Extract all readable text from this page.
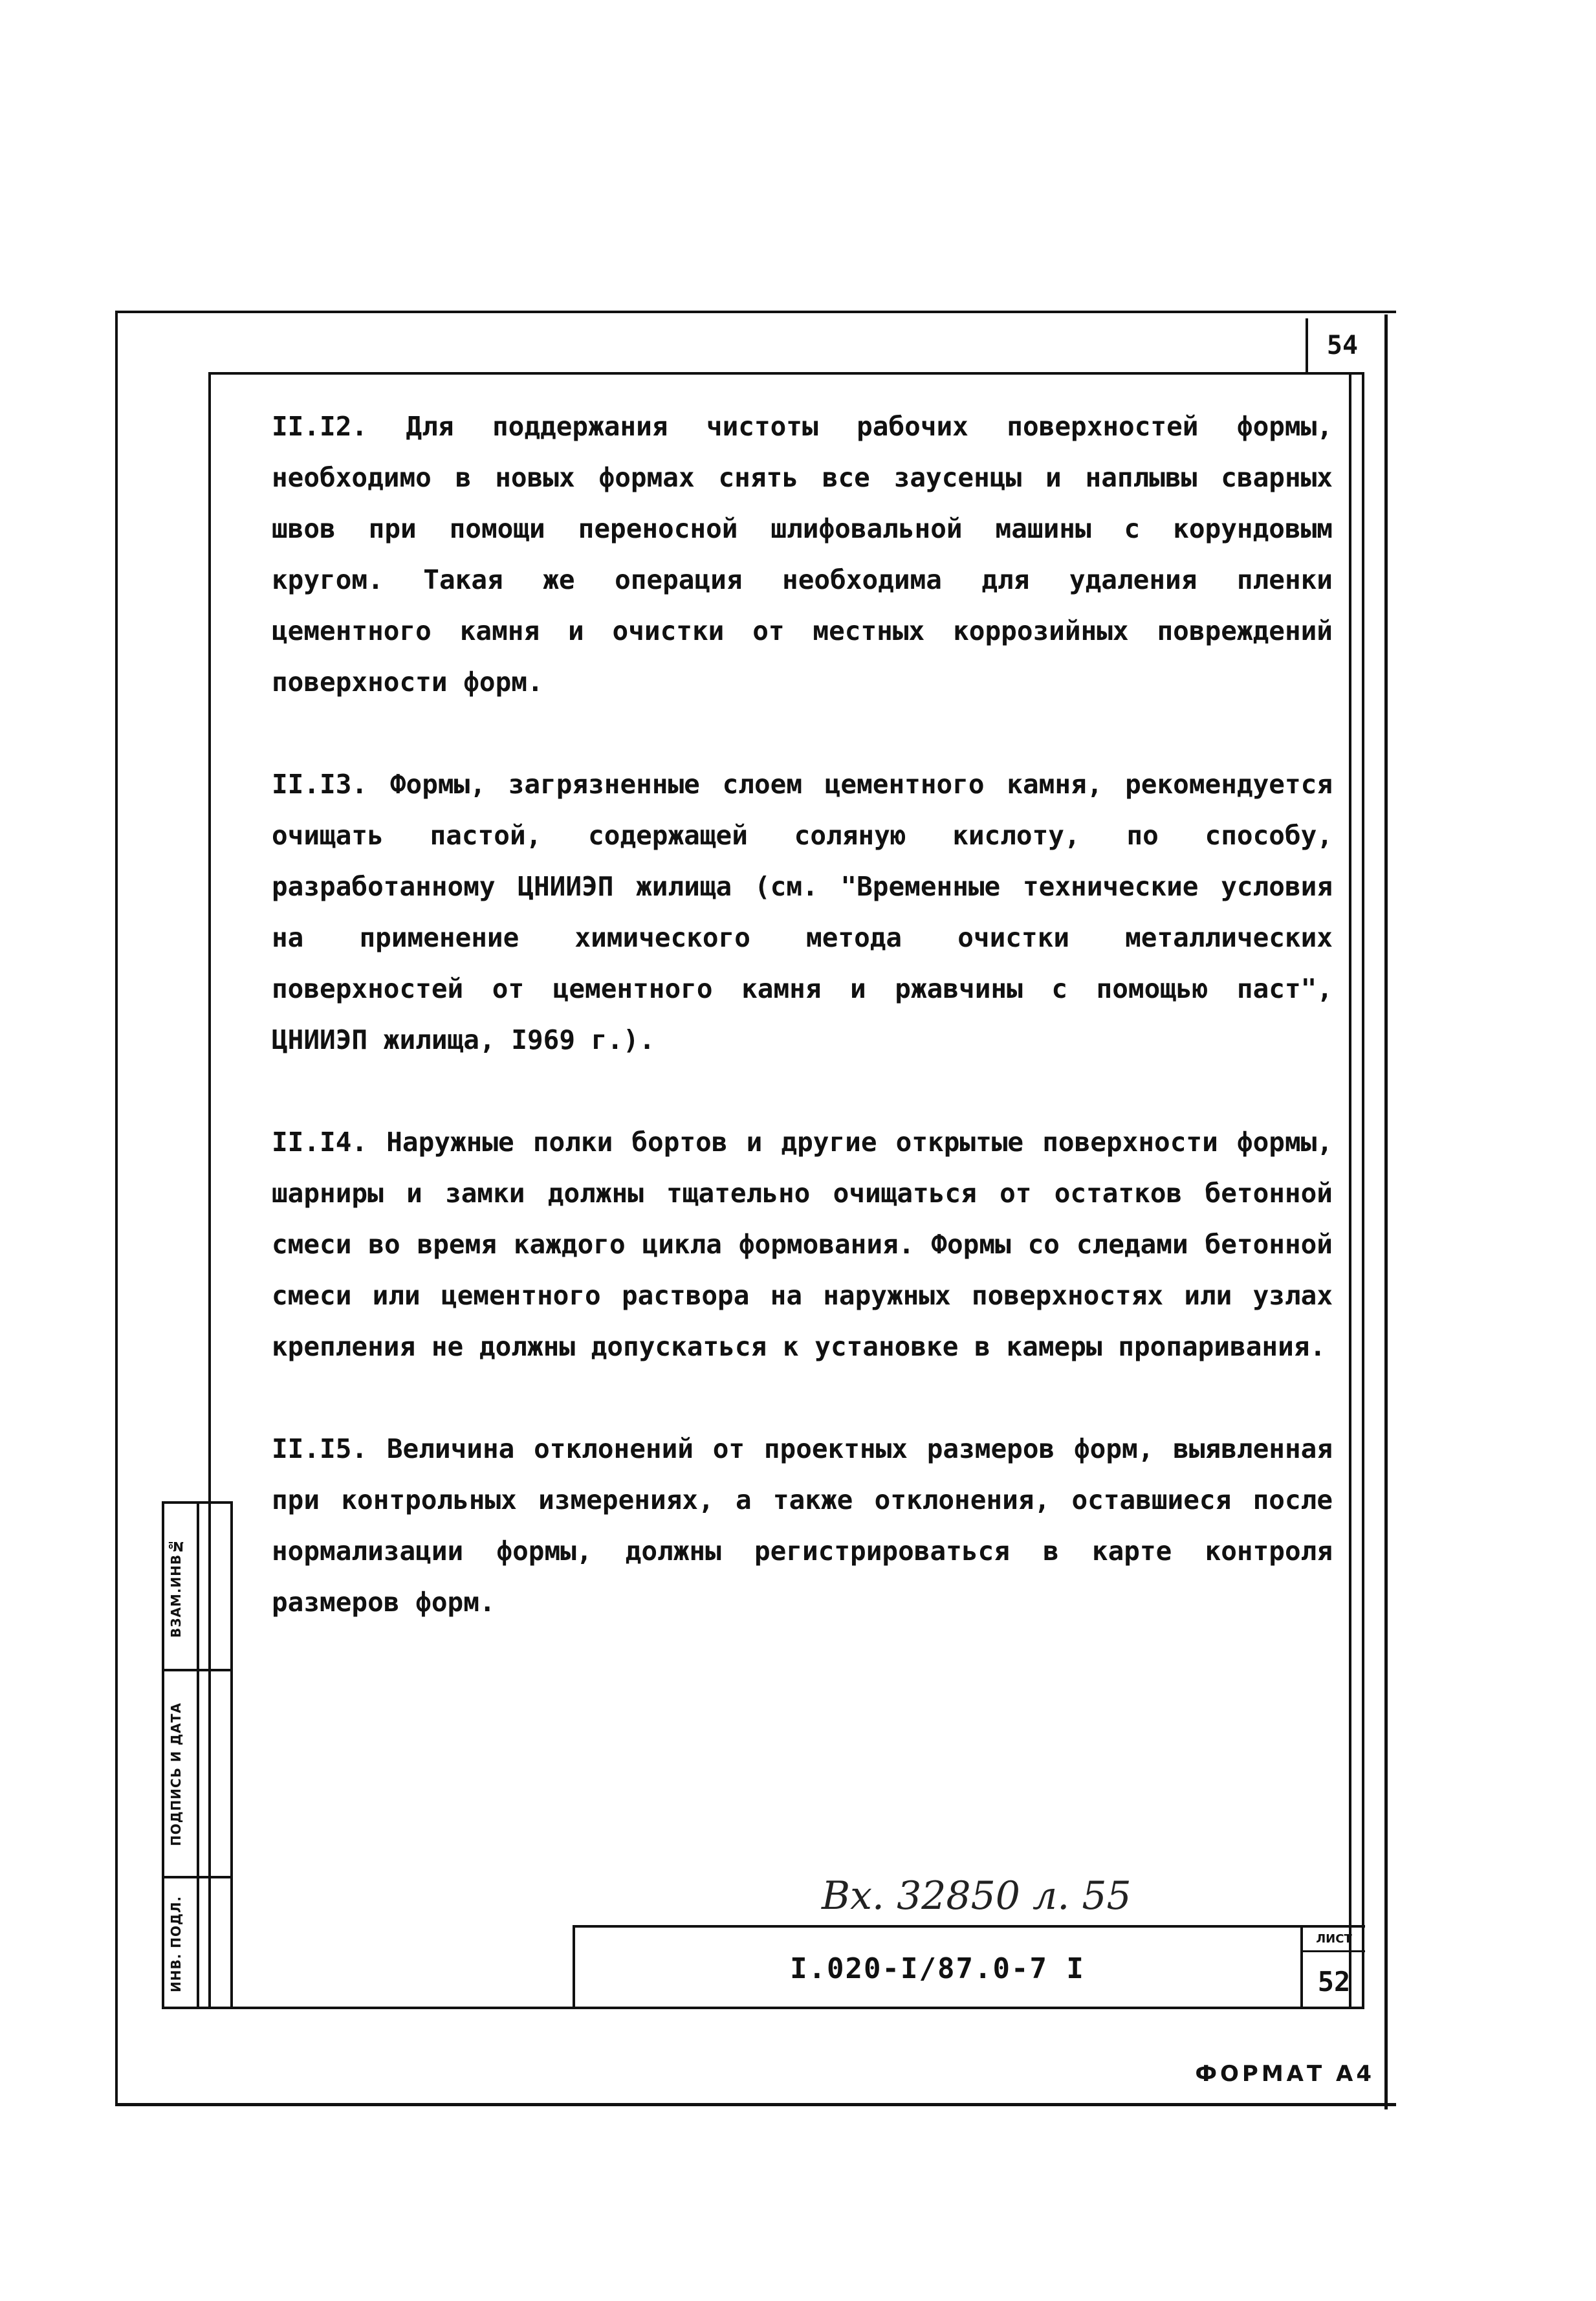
54

II.I2. Для поддержания чистоты рабочих поверхностей формы, необходимо в новых формах снять все заусенцы и наплывы сварных швов при помощи переносной шлифовальной машины с корундовым кругом. Такая же операция необходима для удаления пленки цементного камня и очистки от местных коррозийных повреждений поверхности форм.

II.I3. Формы, загрязненные слоем цементного камня, рекомендуется очищать пастой, содержащей соляную кислоту, по способу, разработанному ЦНИИЭП жилища (см. "Временные технические условия на применение химического метода очистки металлических поверхностей от цементного камня и ржавчины с помощью паст", ЦНИИЭП жилища, I969 г.).

II.I4. Наружные полки бортов и другие открытые поверхности формы, шарниры и замки должны тщательно очищаться от остатков бетонной смеси во время каждого цикла формования. Формы со следами бетонной смеси или цементного раствора на наружных поверхностях или узлах крепления не должны допускаться к установке в камеры пропаривания.

II.I5. Величина отклонений от проектных размеров форм, выявленная при контрольных измерениях, а также отклонения, оставшиеся после нормализации формы, должны регистрироваться в карте контроля размеров форм.

ВЗАМ.ИНВ№
ПОДПИСЬ И ДАТА
ИНВ. ПОДЛ.	Вх. 32850 л. 55
I.020-I/87.0-7 I
ЛИСТ
52
ФОРМАТ А4
